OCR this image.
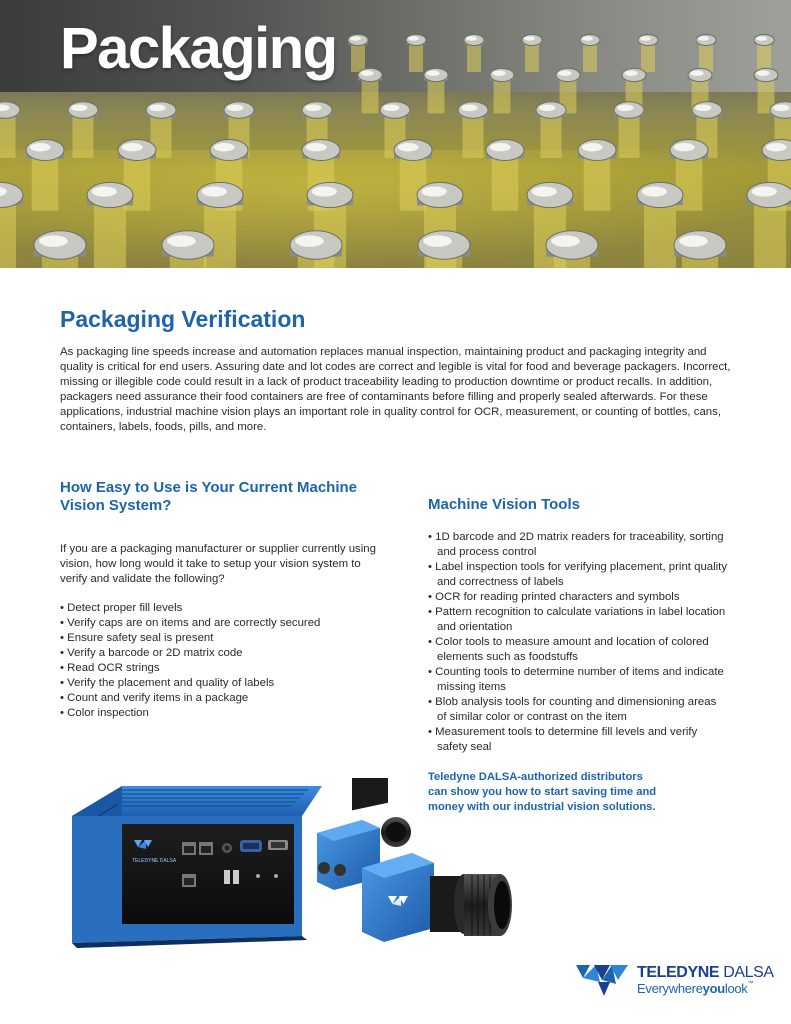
Packaging
Packaging Verification

As packaging line speeds increase and automation replaces manual inspection, maintaining product and packaging integrity and quality is critical for end users. Assuring date and lot codes are correct and legible is vital for food and beverage packagers. Incorrect, missing or illegible code could result in a lack of product traceability leading to production downtime or product recalls. In addition, packagers need assurance their food containers are free of contaminants before filling and properly sealed afterwards. For these applications, industrial machine vision plays an important role in quality control for OCR, measurement, or counting of bottles, cans, containers, labels, foods, pills, and more.

How Easy to Use is Your Current Machine Vision System?

If you are a packaging manufacturer or supplier currently using vision, how long would it take to setup your vision system to verify and validate the following?

• Detect proper fill levels
• Verify caps are on items and are correctly secured
• Ensure safety seal is present
• Verify a barcode or 2D matrix code
• Read OCR strings
• Verify the placement and quality of labels
• Count and verify items in a package
• Color inspection
Machine Vision Tools
• 1D barcode and 2D matrix readers for traceability, sorting and process control
• Label inspection tools for verifying placement, print quality and correctness of labels
• OCR for reading printed characters and symbols
• Pattern recognition to calculate variations in label location and orientation
• Color tools to measure amount and location of colored elements such as foodstuffs
• Counting tools to determine number of items and indicate missing items
• Blob analysis tools for counting and dimensioning areas of similar color or contrast on the item
• Measurement tools to determine fill levels and verify safety seal

Teledyne DALSA-authorized distributors can show you how to start saving time and money with our industrial vision solutions.

TELEDYNE DALSA
TELEDYNE DALSA
Everywhereyoulook™
